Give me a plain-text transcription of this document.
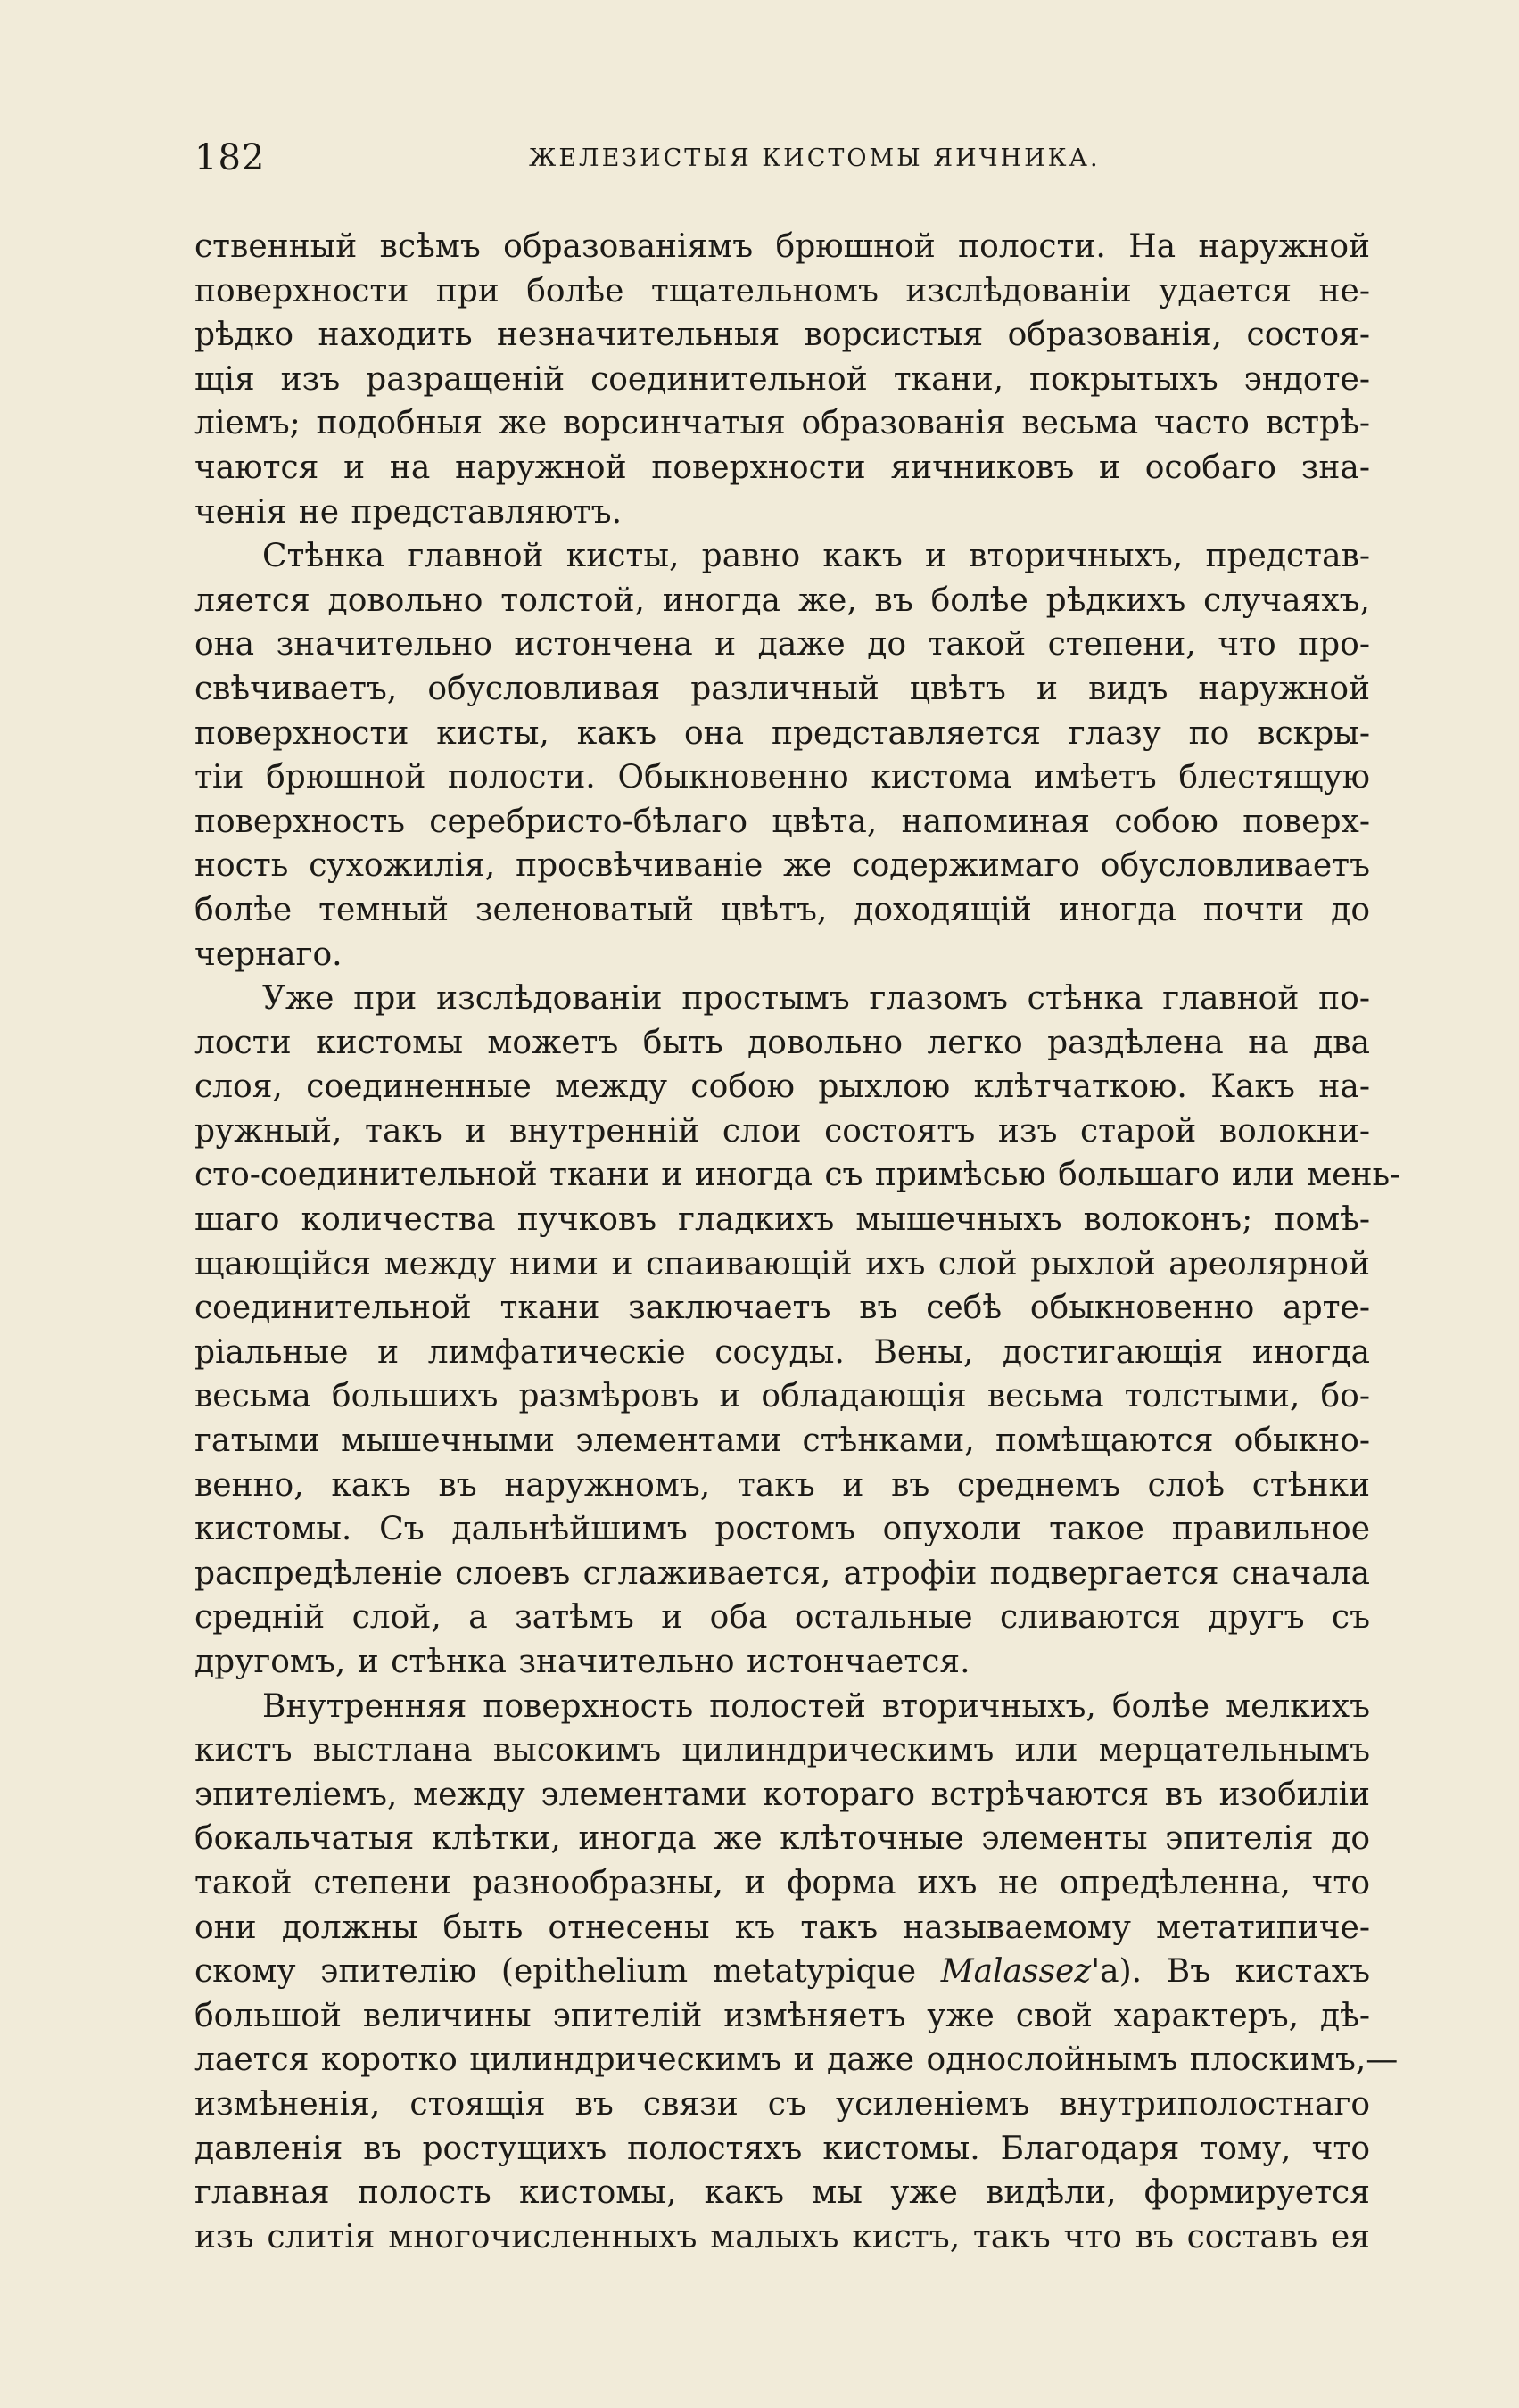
182	ЖЕЛЕЗИСТЫЯ КИСТОМЫ ЯИЧНИКА.
ственный всѣмъ образованіямъ брюшной полости. На наружной
поверхности при болѣе тщательномъ изслѣдованіи удается не-
рѣдко находить незначительныя ворсистыя образованія, состоя-
щія изъ разращеній соединительной ткани, покрытыхъ эндоте-
ліемъ; подобныя же ворсинчатыя образованія весьма часто встрѣ-
чаются и на наружной поверхности яичниковъ и особаго зна-
ченія не представляютъ.
Стѣнка главной кисты, равно какъ и вторичныхъ, представ-
ляется довольно толстой, иногда же, въ болѣе рѣдкихъ случаяхъ,
она значительно истончена и даже до такой степени, что про-
свѣчиваетъ, обусловливая различный цвѣтъ и видъ наружной
поверхности кисты, какъ она представляется глазу по вскры-
тіи брюшной полости. Обыкновенно кистома имѣетъ блестящую
поверхность серебристо-бѣлаго цвѣта, напоминая собою поверх-
ность сухожилія, просвѣчиваніе же содержимаго обусловливаетъ
болѣе темный зеленоватый цвѣтъ, доходящій иногда почти до
чернаго.
Уже при изслѣдованіи простымъ глазомъ стѣнка главной по-
лости кистомы можетъ быть довольно легко раздѣлена на два
слоя, соединенные между собою рыхлою клѣтчаткою. Какъ на-
ружный, такъ и внутренній слои состоятъ изъ старой волокни-
сто-соединительной ткани и иногда съ примѣсью большаго или мень-
шаго количества пучковъ гладкихъ мышечныхъ волоконъ; помѣ-
щающійся между ними и спаивающій ихъ слой рыхлой ареолярной
соединительной ткани заключаетъ въ себѣ обыкновенно арте-
ріальные и лимфатическіе сосуды. Вены, достигающія иногда
весьма большихъ размѣровъ и обладающія весьма толстыми, бо-
гатыми мышечными элементами стѣнками, помѣщаются обыкно-
венно, какъ въ наружномъ, такъ и въ среднемъ слоѣ стѣнки
кистомы. Съ дальнѣйшимъ ростомъ опухоли такое правильное
распредѣленіе слоевъ сглаживается, атрофіи подвергается сначала
средній слой, а затѣмъ и оба остальные сливаются другъ съ
другомъ, и стѣнка значительно истончается.
Внутренняя поверхность полостей вторичныхъ, болѣе мелкихъ
кистъ выстлана высокимъ цилиндрическимъ или мерцательнымъ
эпителіемъ, между элементами котораго встрѣчаются въ изобиліи
бокальчатыя клѣтки, иногда же клѣточные элементы эпителія до
такой степени разнообразны, и форма ихъ не опредѣленна, что
они должны быть отнесены къ такъ называемому метатипиче-
скому эпителію (epithelium metatypique Malassez'а). Въ кистахъ
большой величины эпителій измѣняетъ уже свой характеръ, дѣ-
лается коротко цилиндрическимъ и даже однослойнымъ плоскимъ,—
измѣненія, стоящія въ связи съ усиленіемъ внутриполостнаго
давленія въ ростущихъ полостяхъ кистомы. Благодаря тому, что
главная полость кистомы, какъ мы уже видѣли, формируется
изъ слитія многочисленныхъ малыхъ кистъ, такъ что въ составъ ея
